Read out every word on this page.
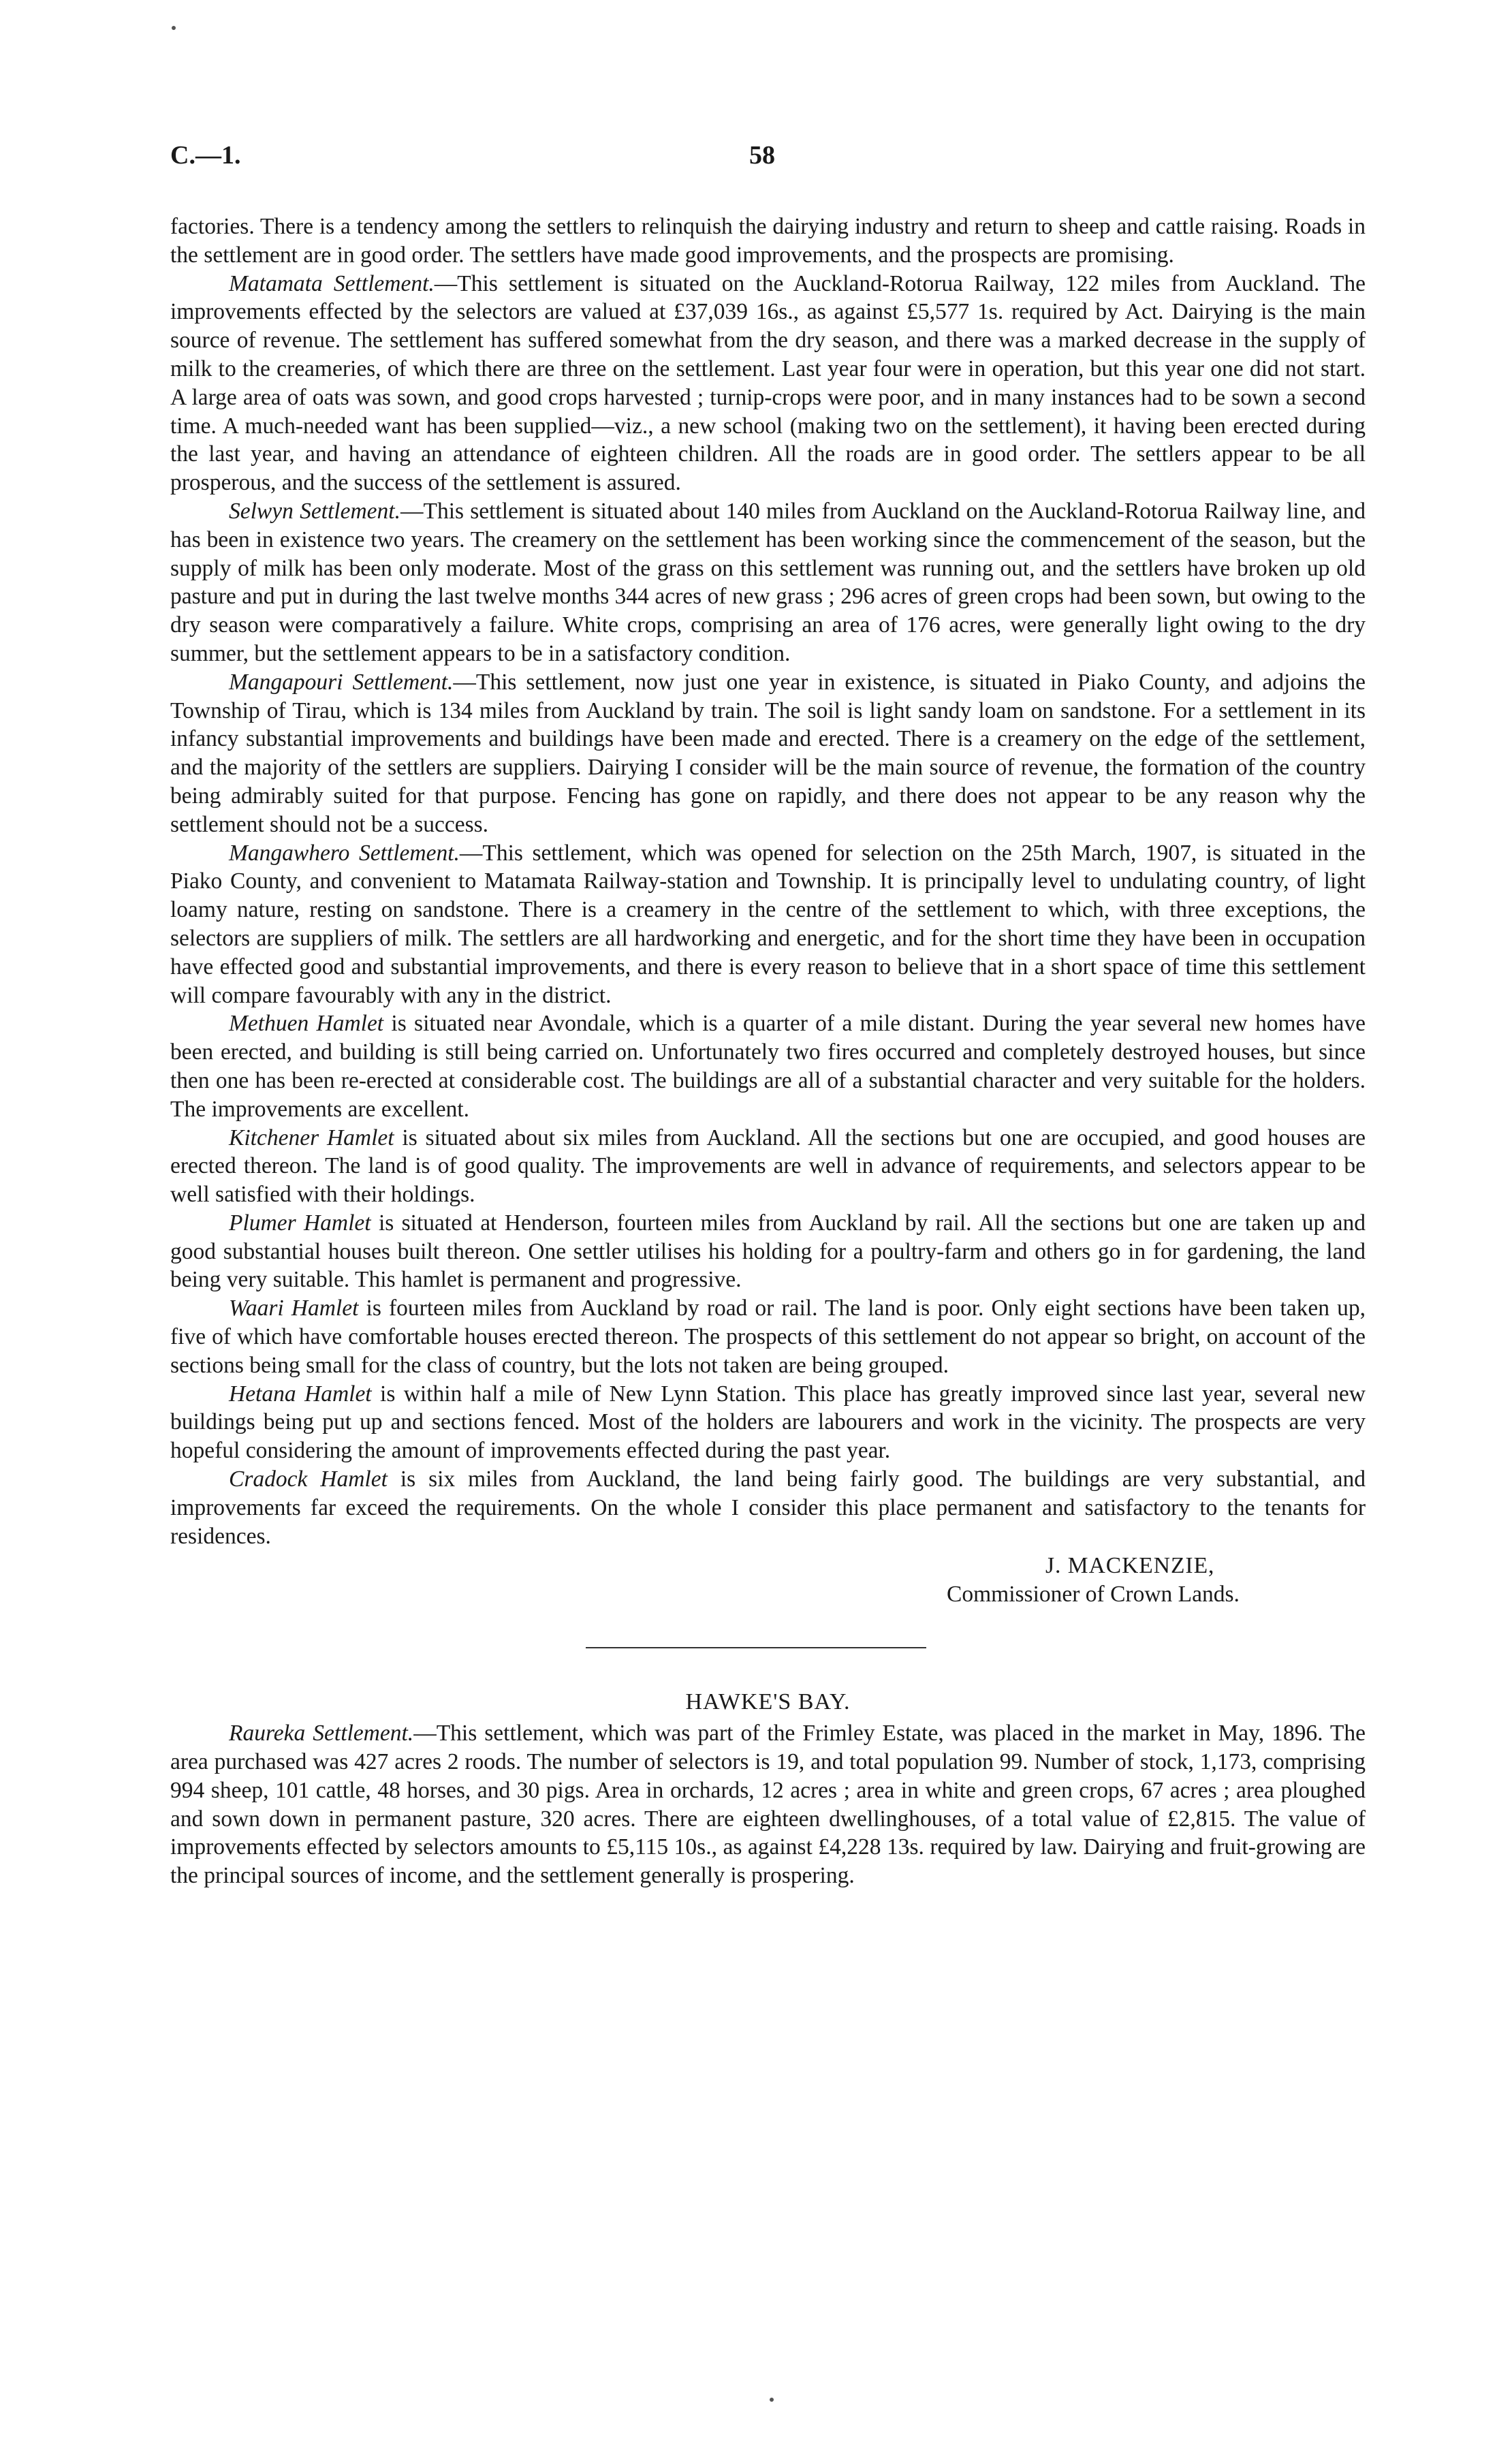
C.—1.	58

factories. There is a tendency among the settlers to relinquish the dairying industry and return to sheep and cattle raising. Roads in the settlement are in good order. The settlers have made good improvements, and the prospects are promising.

Matamata Settlement.—This settlement is situated on the Auckland-Rotorua Railway, 122 miles from Auckland. The improvements effected by the selectors are valued at £37,039 16s., as against £5,577 1s. required by Act. Dairying is the main source of revenue. The settlement has suffered somewhat from the dry season, and there was a marked decrease in the supply of milk to the creameries, of which there are three on the settlement. Last year four were in operation, but this year one did not start. A large area of oats was sown, and good crops harvested ; turnip-crops were poor, and in many instances had to be sown a second time. A much-needed want has been supplied—viz., a new school (making two on the settlement), it having been erected during the last year, and having an attendance of eighteen children. All the roads are in good order. The settlers appear to be all prosperous, and the success of the settlement is assured.

Selwyn Settlement.—This settlement is situated about 140 miles from Auckland on the Auckland-Rotorua Railway line, and has been in existence two years. The creamery on the settlement has been working since the commencement of the season, but the supply of milk has been only moderate. Most of the grass on this settlement was running out, and the settlers have broken up old pasture and put in during the last twelve months 344 acres of new grass ; 296 acres of green crops had been sown, but owing to the dry season were comparatively a failure. White crops, comprising an area of 176 acres, were generally light owing to the dry summer, but the settlement appears to be in a satisfactory condition.

Mangapouri Settlement.—This settlement, now just one year in existence, is situated in Piako County, and adjoins the Township of Tirau, which is 134 miles from Auckland by train. The soil is light sandy loam on sandstone. For a settlement in its infancy substantial improvements and buildings have been made and erected. There is a creamery on the edge of the settlement, and the majority of the settlers are suppliers. Dairying I consider will be the main source of revenue, the formation of the country being admirably suited for that purpose. Fencing has gone on rapidly, and there does not appear to be any reason why the settlement should not be a success.

Mangawhero Settlement.—This settlement, which was opened for selection on the 25th March, 1907, is situated in the Piako County, and convenient to Matamata Railway-station and Township. It is principally level to undulating country, of light loamy nature, resting on sandstone. There is a creamery in the centre of the settlement to which, with three exceptions, the selectors are suppliers of milk. The settlers are all hardworking and energetic, and for the short time they have been in occupation have effected good and substantial improvements, and there is every reason to believe that in a short space of time this settlement will compare favourably with any in the district.

Methuen Hamlet is situated near Avondale, which is a quarter of a mile distant. During the year several new homes have been erected, and building is still being carried on. Unfortunately two fires occurred and completely destroyed houses, but since then one has been re-erected at considerable cost. The buildings are all of a substantial character and very suitable for the holders. The improvements are excellent.

Kitchener Hamlet is situated about six miles from Auckland. All the sections but one are occupied, and good houses are erected thereon. The land is of good quality. The improvements are well in advance of requirements, and selectors appear to be well satisfied with their holdings.

Plumer Hamlet is situated at Henderson, fourteen miles from Auckland by rail. All the sections but one are taken up and good substantial houses built thereon. One settler utilises his holding for a poultry-farm and others go in for gardening, the land being very suitable. This hamlet is permanent and progressive.

Waari Hamlet is fourteen miles from Auckland by road or rail. The land is poor. Only eight sections have been taken up, five of which have comfortable houses erected thereon. The prospects of this settlement do not appear so bright, on account of the sections being small for the class of country, but the lots not taken are being grouped.

Hetana Hamlet is within half a mile of New Lynn Station. This place has greatly improved since last year, several new buildings being put up and sections fenced. Most of the holders are labourers and work in the vicinity. The prospects are very hopeful considering the amount of improvements effected during the past year.

Cradock Hamlet is six miles from Auckland, the land being fairly good. The buildings are very substantial, and improvements far exceed the requirements. On the whole I consider this place permanent and satisfactory to the tenants for residences.

J. MACKENZIE,
Commissioner of Crown Lands.
HAWKE'S BAY.

Raureka Settlement.—This settlement, which was part of the Frimley Estate, was placed in the market in May, 1896. The area purchased was 427 acres 2 roods. The number of selectors is 19, and total population 99. Number of stock, 1,173, comprising 994 sheep, 101 cattle, 48 horses, and 30 pigs. Area in orchards, 12 acres ; area in white and green crops, 67 acres ; area ploughed and sown down in permanent pasture, 320 acres. There are eighteen dwellinghouses, of a total value of £2,815. The value of improvements effected by selectors amounts to £5,115 10s., as against £4,228 13s. required by law. Dairying and fruit-growing are the principal sources of income, and the settlement generally is prospering.
